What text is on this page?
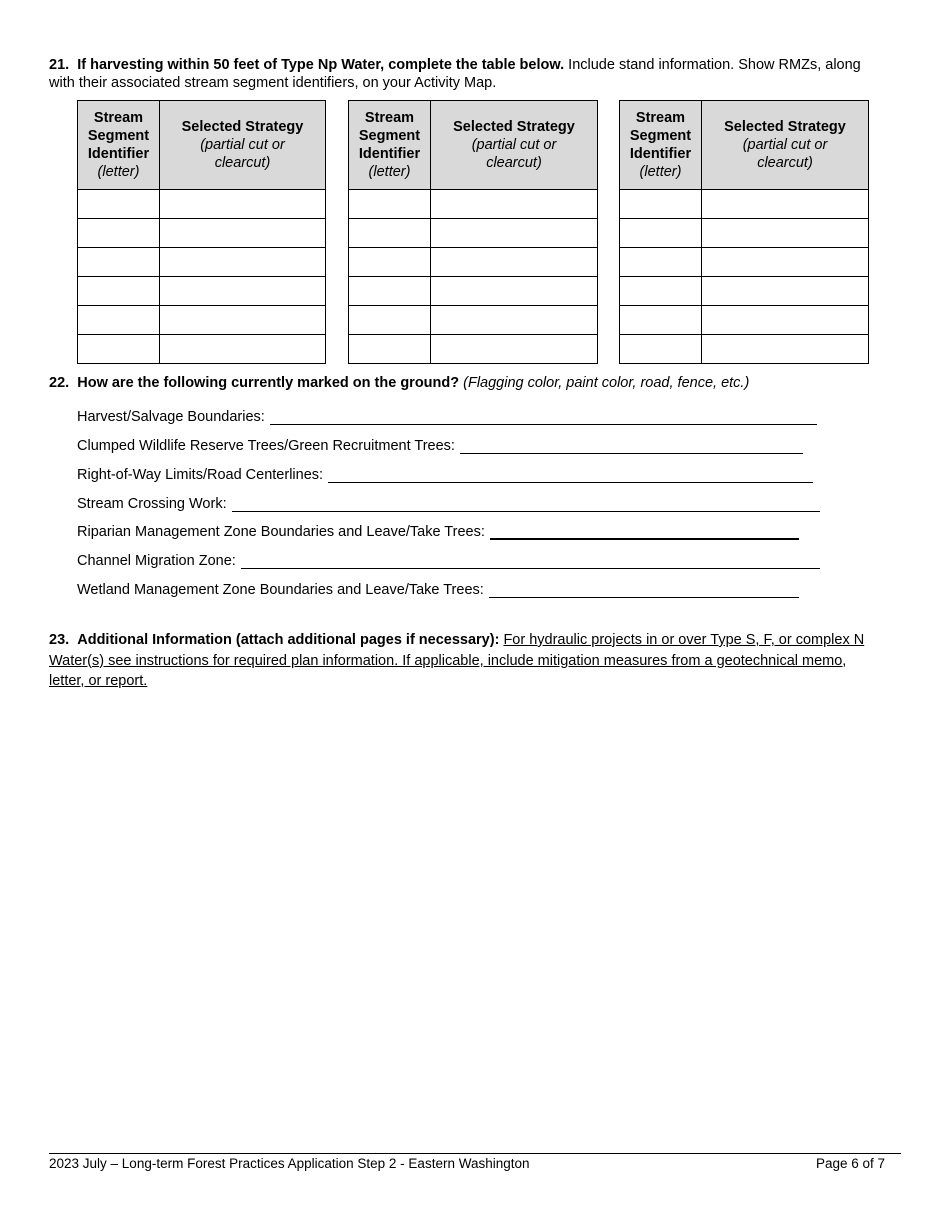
21. If harvesting within 50 feet of Type Np Water, complete the table below. Include stand information. Show RMZs, along with their associated stream segment identifiers, on your Activity Map.
Stream
Segment
Identifier
(letter)	Selected Strategy
(partial cut or clearcut)

Stream
Segment
Identifier
(letter)	Selected Strategy
(partial cut or clearcut)

Stream
Segment
Identifier
(letter)	Selected Strategy
(partial cut or clearcut)

22. How are the following currently marked on the ground? (Flagging color, paint color, road, fence, etc.)
Harvest/Salvage Boundaries:
Clumped Wildlife Reserve Trees/Green Recruitment Trees:
Right-of-Way Limits/Road Centerlines:
Stream Crossing Work:
Riparian Management Zone Boundaries and Leave/Take Trees:
Channel Migration Zone:
Wetland Management Zone Boundaries and Leave/Take Trees:
23. Additional Information (attach additional pages if necessary): For hydraulic projects in or over Type S, F, or complex N Water(s) see instructions for required plan information. If applicable, include mitigation measures from a geotechnical memo, letter, or report.
2023 July – Long-term Forest Practices Application Step 2 - Eastern Washington	Page 6 of 7
